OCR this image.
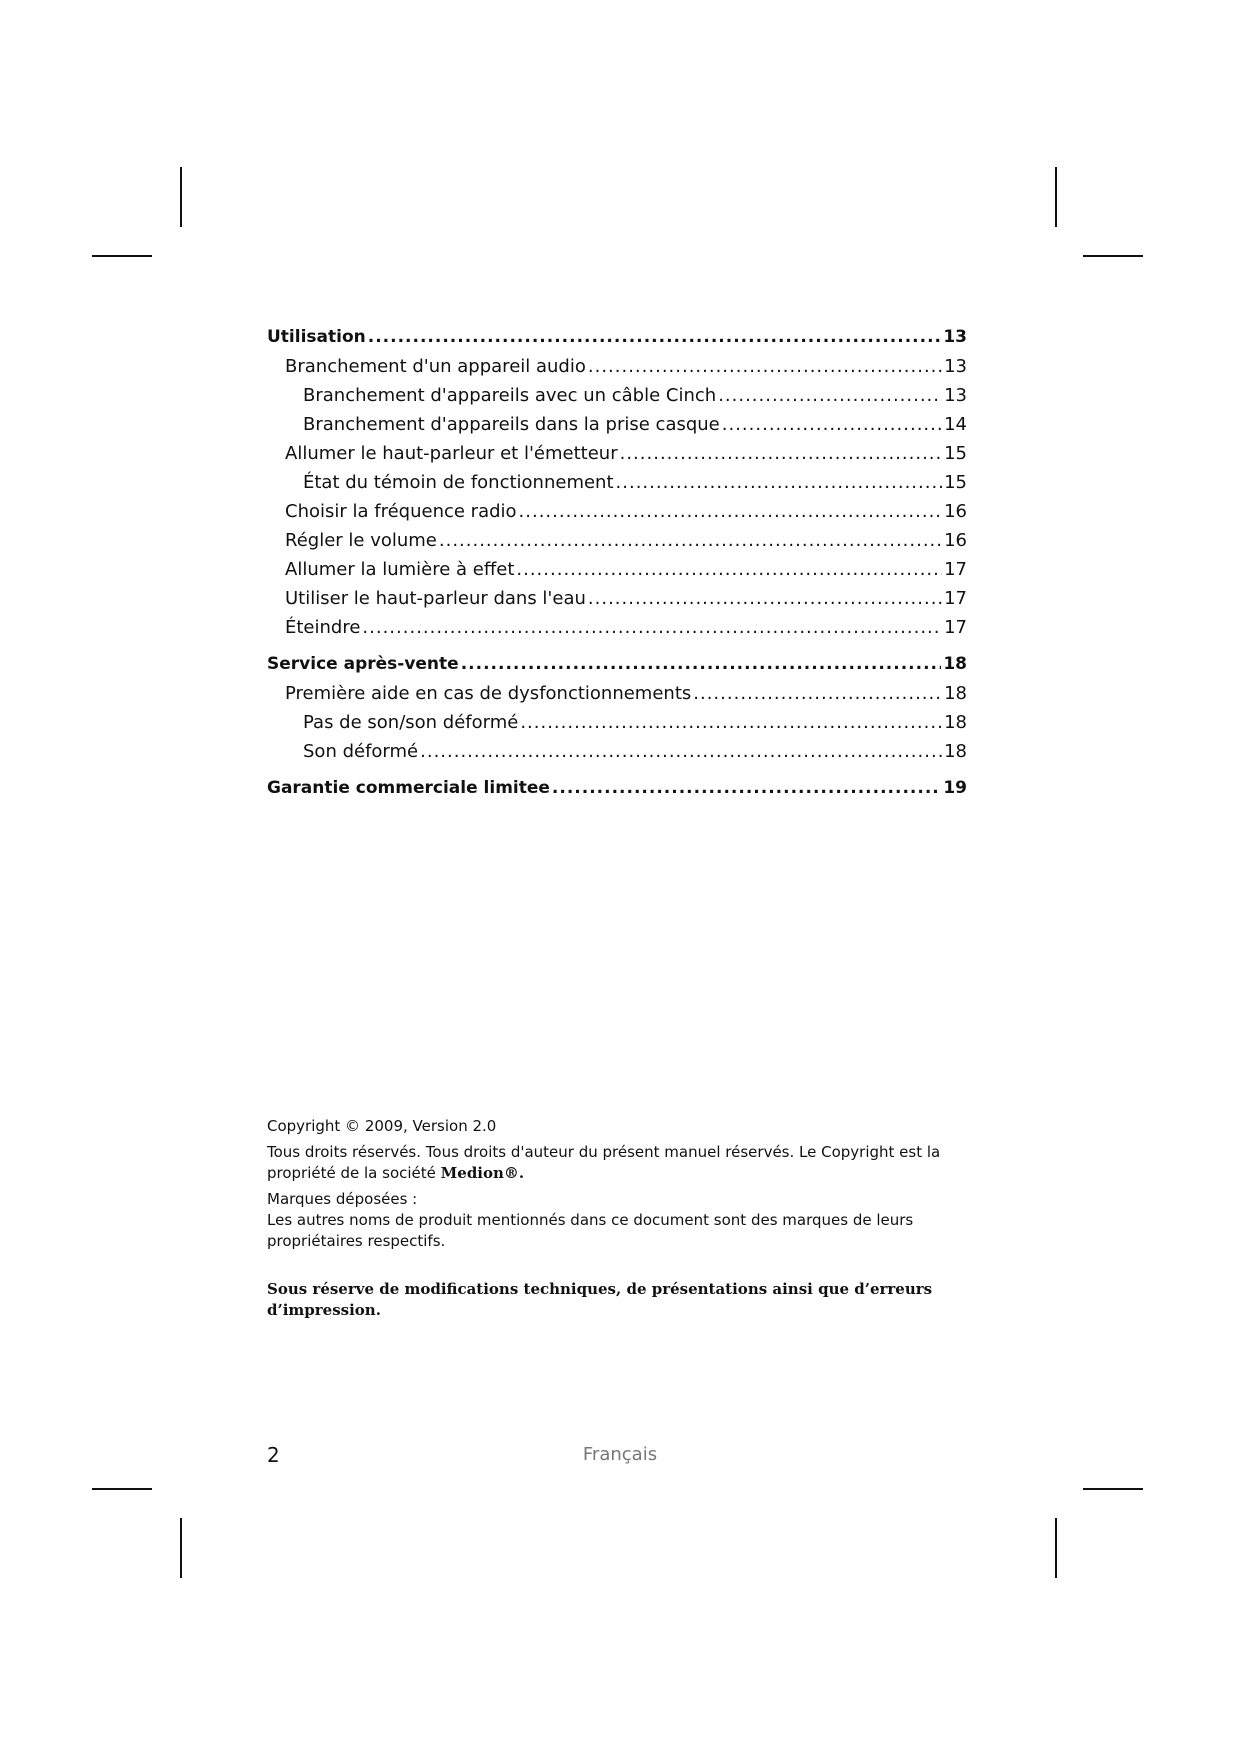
Utilisation .....	13
Branchement d'un appareil audio .....	13
Branchement d'appareils avec un câble Cinch .....	13
Branchement d'appareils dans la prise casque .....	14
Allumer le haut-parleur et l'émetteur .....	15
État du témoin de fonctionnement .....	15
Choisir la fréquence radio .....	16
Régler le volume .....	16
Allumer la lumière à effet .....	17
Utiliser le haut-parleur dans l'eau .....	17
Éteindre .....	17
Service après-vente .....	18
Première aide en cas de dysfonctionnements .....	18
Pas de son/son déformé .....	18
Son déformé .....	18
Garantie commerciale limitee .....	19

Copyright © 2009, Version 2.0

Tous droits réservés. Tous droits d'auteur du présent manuel réservés. Le Copyright est la propriété de la société Medion®.

Marques déposées :
Les autres noms de produit mentionnés dans ce document sont des marques de leurs propriétaires respectifs.

Sous réserve de modifications techniques, de présentations ainsi que d’erreurs d’impression.

2	Français
